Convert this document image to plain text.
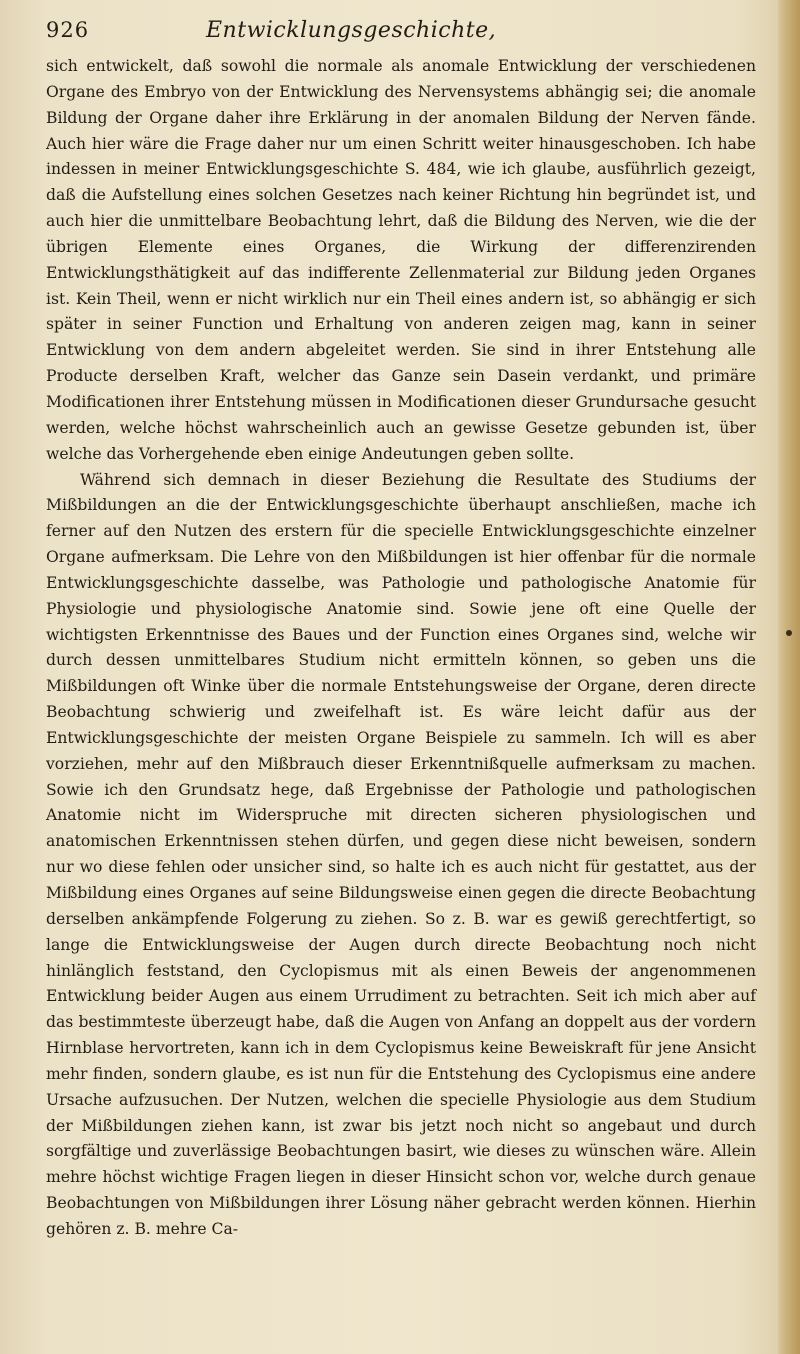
926	Entwicklungsgeschichte,

sich entwickelt, daß sowohl die normale als anomale Entwicklung der verschiedenen Organe des Embryo von der Entwicklung des Nervensystems abhängig sei; die anomale Bildung der Organe daher ihre Erklärung in der anomalen Bildung der Nerven fände. Auch hier wäre die Frage daher nur um einen Schritt weiter hinausgeschoben. Ich habe indessen in meiner Entwicklungsgeschichte S. 484, wie ich glaube, ausführlich gezeigt, daß die Aufstellung eines solchen Gesetzes nach keiner Richtung hin begründet ist, und auch hier die unmittelbare Beobachtung lehrt, daß die Bildung des Nerven, wie die der übrigen Elemente eines Organes, die Wirkung der differenzirenden Entwicklungsthätigkeit auf das indifferente Zellenmaterial zur Bildung jeden Organes ist. Kein Theil, wenn er nicht wirklich nur ein Theil eines andern ist, so abhängig er sich später in seiner Function und Erhaltung von anderen zeigen mag, kann in seiner Entwicklung von dem andern abgeleitet werden. Sie sind in ihrer Entstehung alle Producte derselben Kraft, welcher das Ganze sein Dasein verdankt, und primäre Modificationen ihrer Entstehung müssen in Modificationen dieser Grundursache gesucht werden, welche höchst wahrscheinlich auch an gewisse Gesetze gebunden ist, über welche das Vorhergehende eben einige Andeutungen geben sollte.

Während sich demnach in dieser Beziehung die Resultate des Studiums der Mißbildungen an die der Entwicklungsgeschichte überhaupt anschließen, mache ich ferner auf den Nutzen des erstern für die specielle Entwicklungsgeschichte einzelner Organe aufmerksam. Die Lehre von den Mißbildungen ist hier offenbar für die normale Entwicklungsgeschichte dasselbe, was Pathologie und pathologische Anatomie für Physiologie und physiologische Anatomie sind. Sowie jene oft eine Quelle der wichtigsten Erkenntnisse des Baues und der Function eines Organes sind, welche wir durch dessen unmittelbares Studium nicht ermitteln können, so geben uns die Mißbildungen oft Winke über die normale Entstehungsweise der Organe, deren directe Beobachtung schwierig und zweifelhaft ist. Es wäre leicht dafür aus der Entwicklungsgeschichte der meisten Organe Beispiele zu sammeln. Ich will es aber vorziehen, mehr auf den Mißbrauch dieser Erkenntnißquelle aufmerksam zu machen. Sowie ich den Grundsatz hege, daß Ergebnisse der Pathologie und pathologischen Anatomie nicht im Widerspruche mit directen sicheren physiologischen und anatomischen Erkenntnissen stehen dürfen, und gegen diese nicht beweisen, sondern nur wo diese fehlen oder unsicher sind, so halte ich es auch nicht für gestattet, aus der Mißbildung eines Organes auf seine Bildungsweise einen gegen die directe Beobachtung derselben ankämpfende Folgerung zu ziehen. So z. B. war es gewiß gerechtfertigt, so lange die Entwicklungsweise der Augen durch directe Beobachtung noch nicht hinlänglich feststand, den Cyclopismus mit als einen Beweis der angenommenen Entwicklung beider Augen aus einem Urrudiment zu betrachten. Seit ich mich aber auf das bestimmteste überzeugt habe, daß die Augen von Anfang an doppelt aus der vordern Hirnblase hervortreten, kann ich in dem Cyclopismus keine Beweiskraft für jene Ansicht mehr finden, sondern glaube, es ist nun für die Entstehung des Cyclopismus eine andere Ursache aufzusuchen. Der Nutzen, welchen die specielle Physiologie aus dem Studium der Mißbildungen ziehen kann, ist zwar bis jetzt noch nicht so angebaut und durch sorgfältige und zuverlässige Beobachtungen basirt, wie dieses zu wünschen wäre. Allein mehre höchst wichtige Fragen liegen in dieser Hinsicht schon vor, welche durch genaue Beobachtungen von Mißbildungen ihrer Lösung näher gebracht werden können. Hierhin gehören z. B. mehre Ca-
